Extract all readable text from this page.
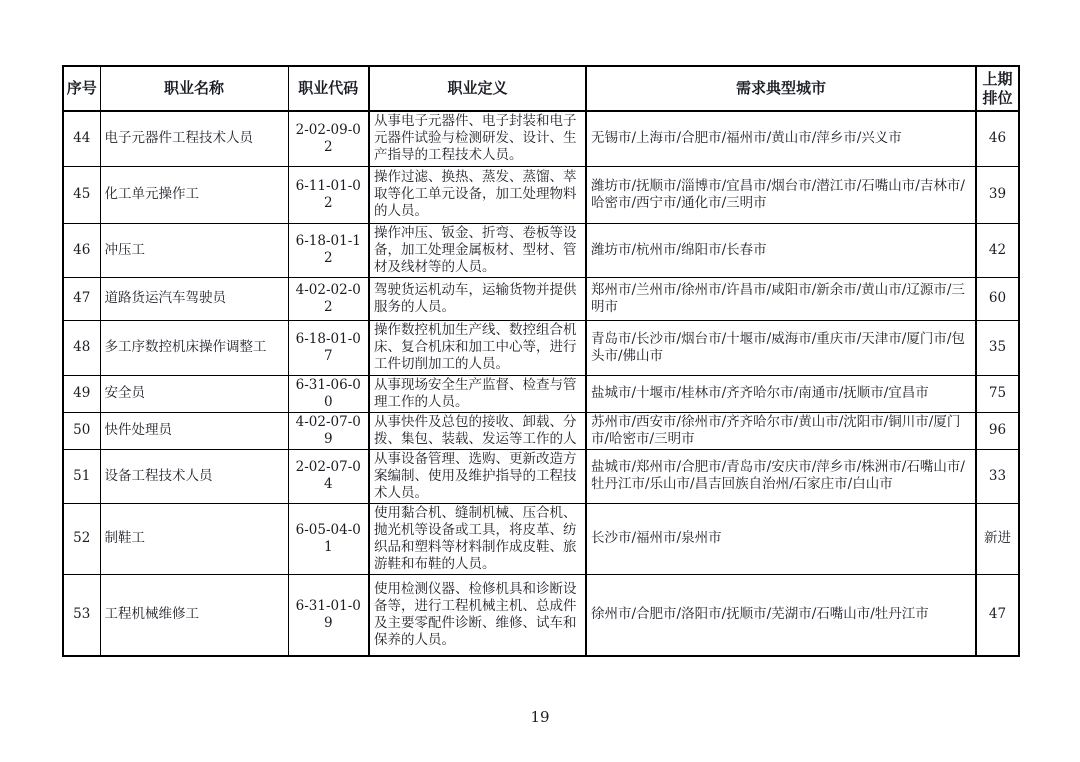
序号	职业名称	职业代码	职业定义	需求典型城市	上期排位
44	电子元器件工程技术人员	2-02-09-02	从事电子元器件、电子封装和电子元器件试验与检测研发、设计、生产指导的工程技术人员。	无锡市/上海市/合肥市/福州市/黄山市/萍乡市/兴义市	46
45	化工单元操作工	6-11-01-02	操作过滤、换热、蒸发、蒸馏、萃取等化工单元设备，加工处理物料的人员。	潍坊市/抚顺市/淄博市/宜昌市/烟台市/潜江市/石嘴山市/吉林市/哈密市/西宁市/通化市/三明市	39
46	冲压工	6-18-01-12	操作冲压、钣金、折弯、卷板等设备，加工处理金属板材、型材、管材及线材等的人员。	潍坊市/杭州市/绵阳市/长春市	42
47	道路货运汽车驾驶员	4-02-02-02	驾驶货运机动车，运输货物并提供服务的人员。	郑州市/兰州市/徐州市/许昌市/咸阳市/新余市/黄山市/辽源市/三明市	60
48	多工序数控机床操作调整工	6-18-01-07	操作数控机加生产线、数控组合机床、复合机床和加工中心等，进行工件切削加工的人员。	青岛市/长沙市/烟台市/十堰市/威海市/重庆市/天津市/厦门市/包头市/佛山市	35
49	安全员	6-31-06-00	从事现场安全生产监督、检查与管理工作的人员。	盐城市/十堰市/桂林市/齐齐哈尔市/南通市/抚顺市/宜昌市	75
50	快件处理员	4-02-07-09	从事快件及总包的接收、卸载、分拨、集包、装载、发运等工作的人	苏州市/西安市/徐州市/齐齐哈尔市/黄山市/沈阳市/铜川市/厦门市/哈密市/三明市	96
51	设备工程技术人员	2-02-07-04	从事设备管理、选购、更新改造方案编制、使用及维护指导的工程技术人员。	盐城市/郑州市/合肥市/青岛市/安庆市/萍乡市/株洲市/石嘴山市/牡丹江市/乐山市/昌吉回族自治州/石家庄市/白山市	33
52	制鞋工	6-05-04-01	使用黏合机、缝制机械、压合机、抛光机等设备或工具，将皮革、纺织品和塑料等材料制作成皮鞋、旅游鞋和布鞋的人员。	长沙市/福州市/泉州市	新进
53	工程机械维修工	6-31-01-09	使用检测仪器、检修机具和诊断设备等，进行工程机械主机、总成件及主要零配件诊断、维修、试车和保养的人员。	徐州市/合肥市/洛阳市/抚顺市/芜湖市/石嘴山市/牡丹江市	47
19
